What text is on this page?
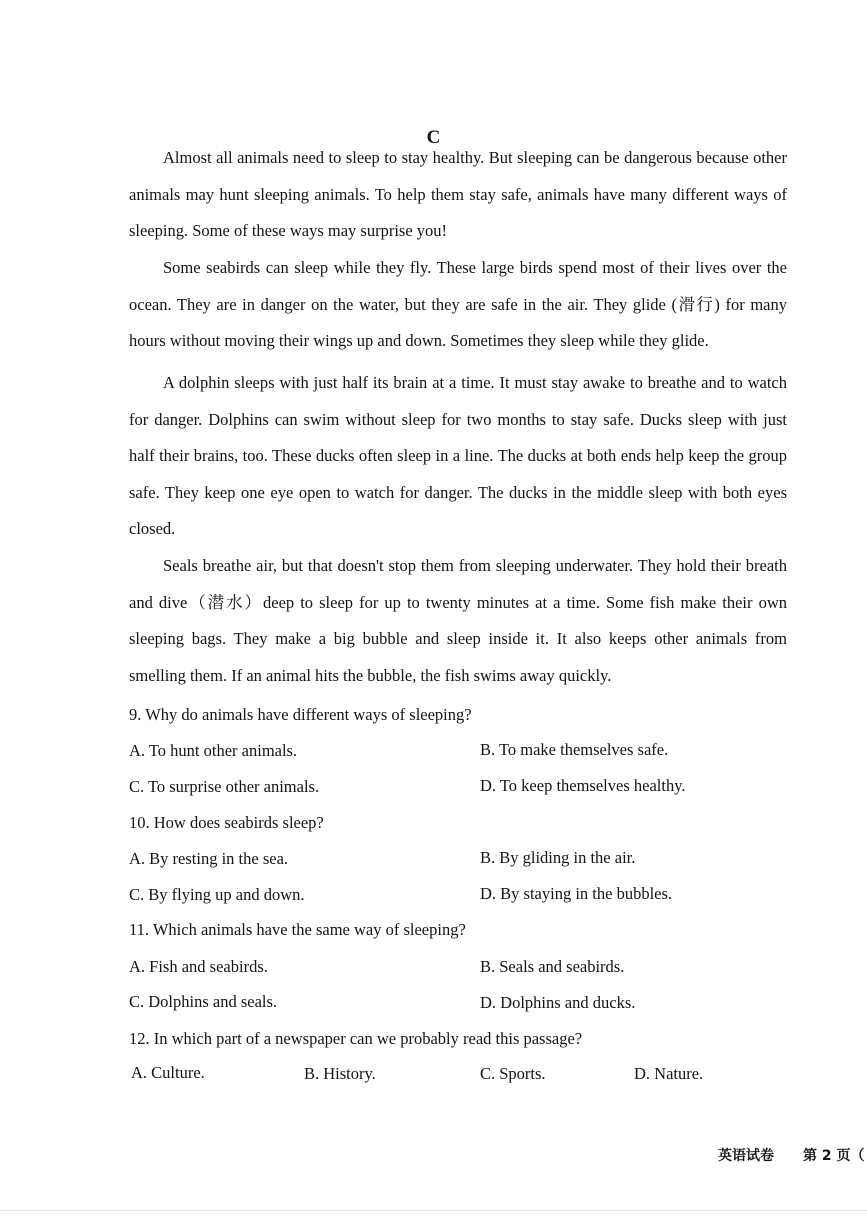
C

Almost all animals need to sleep to stay healthy. But sleeping can be dangerous because other animals may hunt sleeping animals. To help them stay safe, animals have many different ways of sleeping. Some of these ways may surprise you!

Some seabirds can sleep while they fly. These large birds spend most of their lives over the ocean. They are in danger on the water, but they are safe in the air. They glide (滑行) for many hours without moving their wings up and down. Sometimes they sleep while they glide.

A dolphin sleeps with just half its brain at a time. It must stay awake to breathe and to watch for danger. Dolphins can swim without sleep for two months to stay safe. Ducks sleep with just half their brains, too. These ducks often sleep in a line. The ducks at both ends help keep the group safe. They keep one eye open to watch for danger. The ducks in the middle sleep with both eyes closed.

Seals breathe air, but that doesn't stop them from sleeping underwater. They hold their breath and dive（潜水）deep to sleep for up to twenty minutes at a time. Some fish make their own sleeping bags. They make a big bubble and sleep inside it. It also keeps other animals from smelling them. If an animal hits the bubble, the fish swims away quickly.

9. Why do animals have different ways of sleeping?
A. To hunt other animals.	B. To make themselves safe.
C. To surprise other animals.	D. To keep themselves healthy.
10. How does seabirds sleep?
A. By resting in the sea.	B. By gliding in the air.
C. By flying up and down.	D. By staying in the bubbles.
11. Which animals have the same way of sleeping?
A. Fish and seabirds.	B. Seals and seabirds.
C. Dolphins and seals.	D. Dolphins and ducks.
12. In which part of a newspaper can we probably read this passage?
A. Culture.	B. History.	C. Sports.	D. Nature.
英语试卷 第 2 页（
